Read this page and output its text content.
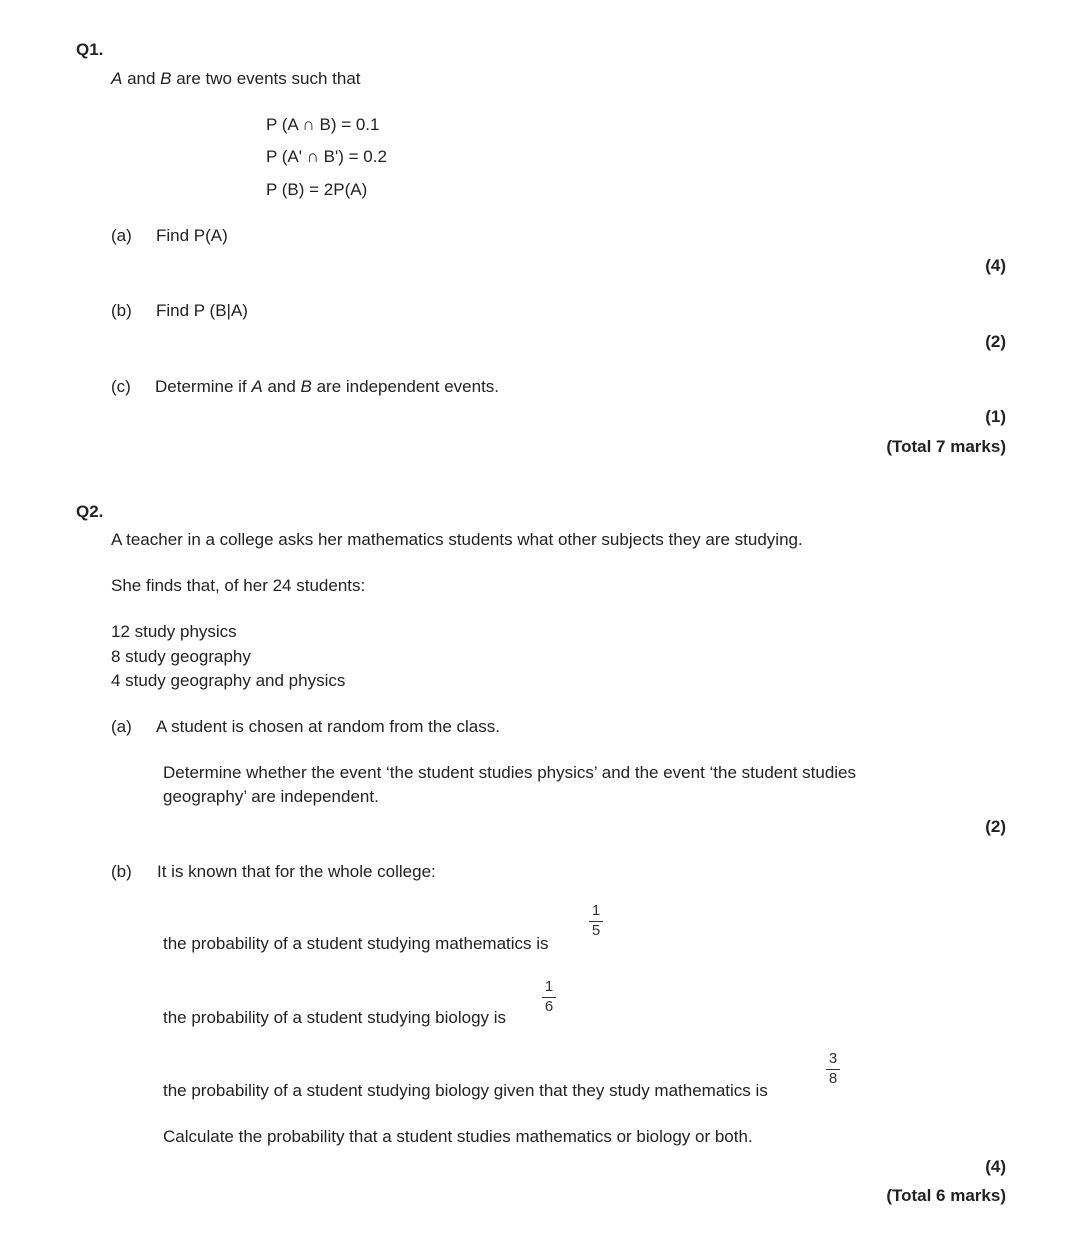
Q1.
A and B are two events such that
P (A ∩ B) = 0.1
P (A' ∩ B') = 0.2
P (B) = 2P(A)
(a) Find P(A)
(4)
(b) Find P (B|A)
(2)
(c) Determine if A and B are independent events.
(1)
(Total 7 marks)
Q2.
A teacher in a college asks her mathematics students what other subjects they are studying.
She finds that, of her 24 students:
12 study physics
8 study geography
4 study geography and physics
(a) A student is chosen at random from the class.
Determine whether the event ‘the student studies physics’ and the event ‘the student studies
geography’ are independent.
(2)
(b) It is known that for the whole college:
the probability of a student studying mathematics is
1
5
the probability of a student studying biology is
1
6
the probability of a student studying biology given that they study mathematics is
3
8
Calculate the probability that a student studies mathematics or biology or both.
(4)
(Total 6 marks)
